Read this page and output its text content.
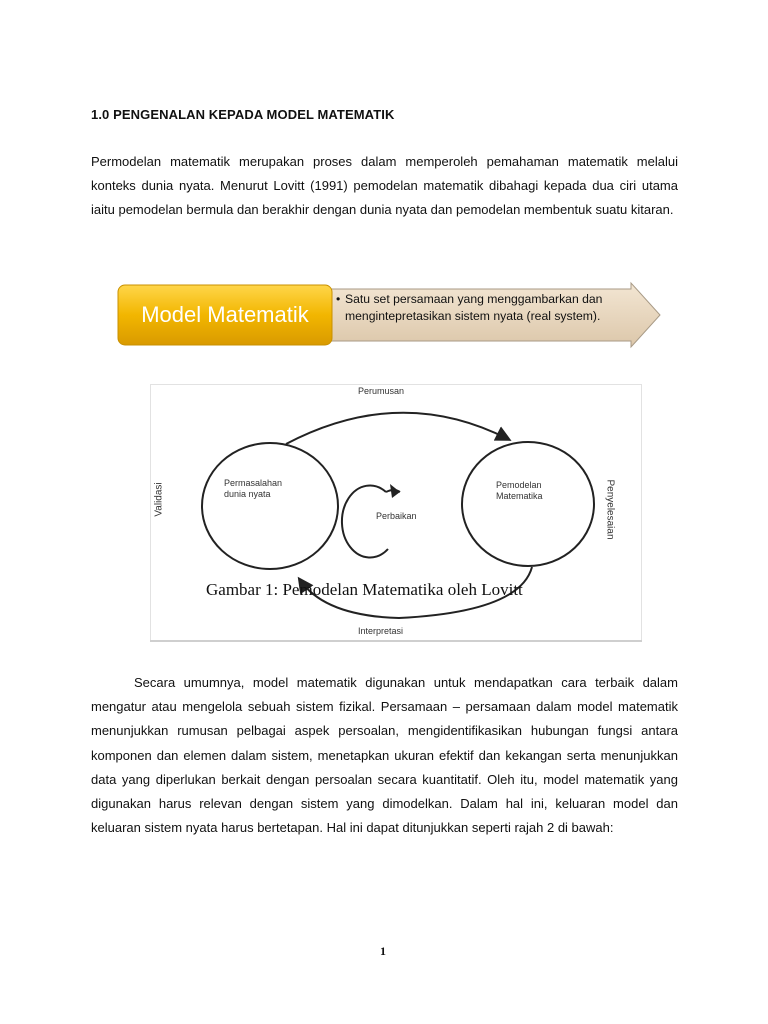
1.0 PENGENALAN KEPADA MODEL MATEMATIK

Permodelan matematik merupakan proses dalam memperoleh pemahaman matematik melalui konteks dunia nyata. Menurut Lovitt (1991) pemodelan matematik dibahagi kepada dua ciri utama iaitu pemodelan bermula dan berakhir dengan dunia nyata dan pemodelan membentuk suatu kitaran.

Model Matematik
• Satu set persamaan yang menggambarkan dan mengintepretasikan sistem nyata (real system).
Perumusan
Permasalahan dunia nyata
Pemodelan Matematika
Perbaikan
Gambar 1: Pemodelan Matematika oleh Lovitt
Interpretasi
Validasi	Penyelesaian

Secara umumnya, model matematik digunakan untuk mendapatkan cara terbaik dalam mengatur atau mengelola sebuah sistem fizikal. Persamaan – persamaan dalam model matematik menunjukkan rumusan pelbagai aspek persoalan, mengidentifikasikan hubungan fungsi antara komponen dan elemen dalam sistem, menetapkan ukuran efektif dan kekangan serta menunjukkan data yang diperlukan berkait dengan persoalan secara kuantitatif. Oleh itu, model matematik yang digunakan harus relevan dengan sistem yang dimodelkan. Dalam hal ini, keluaran model dan keluaran sistem nyata harus bertetapan. Hal ini dapat ditunjukkan seperti rajah 2 di bawah:

1
